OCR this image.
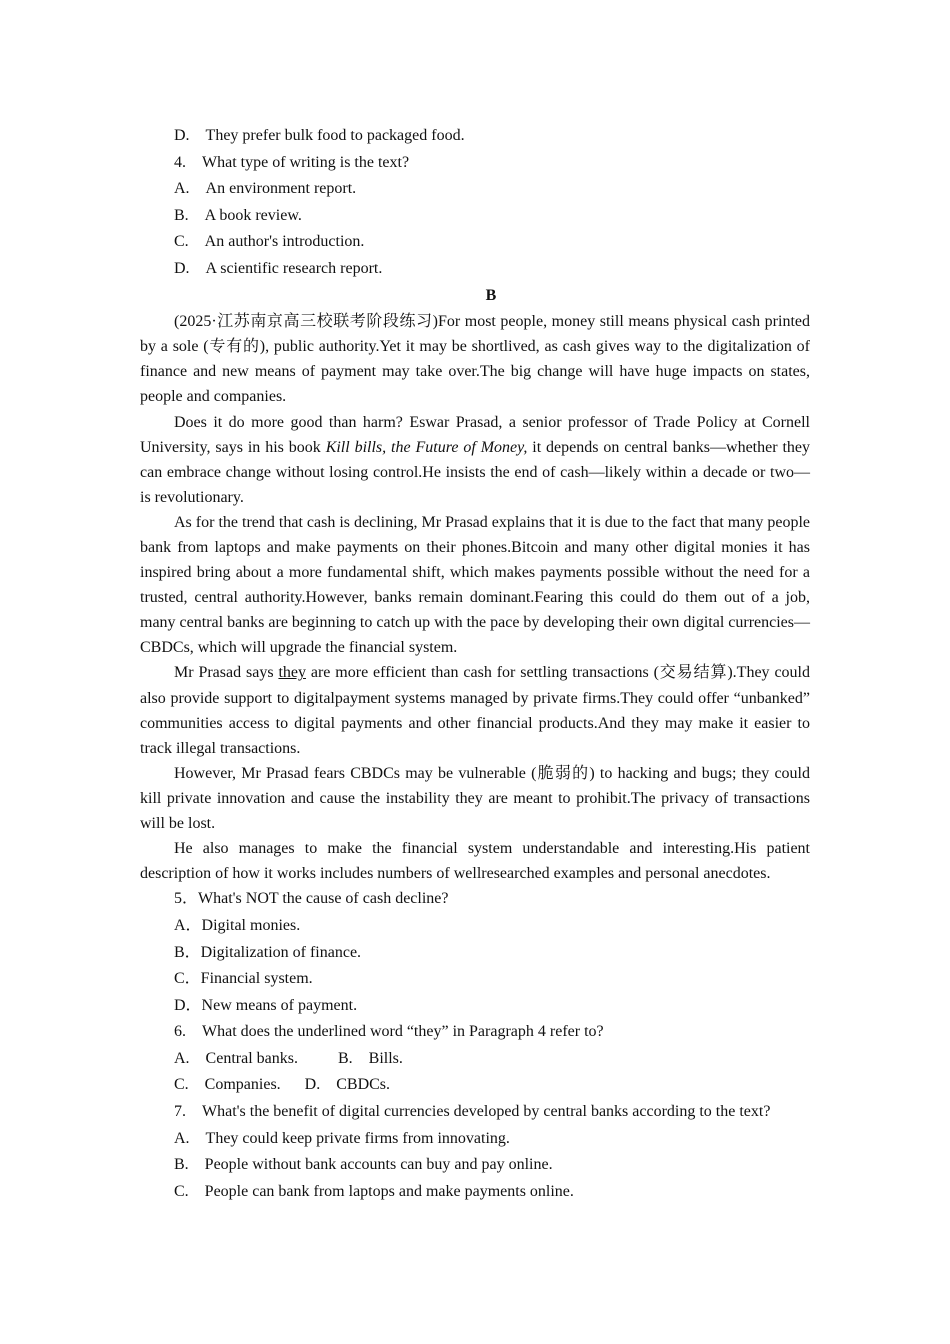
D.　They prefer bulk food to packaged food.

4.　What type of writing is the text?

A.　An environment report.

B.　A book review.

C.　An author's introduction.

D.　A scientific research report.

B

(2025·江苏南京高三校联考阶段练习)For most people, money still means physical cash printed by a sole (专有的), public authority.Yet it may be shortlived, as cash gives way to the digitalization of finance and new means of payment may take over.The big change will have huge impacts on states, people and companies.

Does it do more good than harm? Eswar Prasad, a senior professor of Trade Policy at Cornell University, says in his book Kill bills, the Future of Money, it depends on central banks—whether they can embrace change without losing control.He insists the end of cash—likely within a decade or two—is revolutionary.

As for the trend that cash is declining, Mr Prasad explains that it is due to the fact that many people bank from laptops and make payments on their phones.Bitcoin and many other digital monies it has inspired bring about a more fundamental shift, which makes payments possible without the need for a trusted, central authority.However, banks remain dominant.Fearing this could do them out of a job, many central banks are beginning to catch up with the pace by developing their own digital currencies—CBDCs, which will upgrade the financial system.

Mr Prasad says they are more efficient than cash for settling transactions (交易结算).They could also provide support to digitalpayment systems managed by private firms.They could offer “unbanked” communities access to digital payments and other financial products.And they may make it easier to track illegal transactions.

However, Mr Prasad fears CBDCs may be vulnerable (脆弱的) to hacking and bugs; they could kill private innovation and cause the instability they are meant to prohibit.The privacy of transactions will be lost.

He also manages to make the financial system understandable and interesting.His patient description of how it works includes numbers of wellresearched examples and personal anecdotes.

5．What's NOT the cause of cash decline?

A．Digital monies.

B．Digitalization of finance.

C．Financial system.

D．New means of payment.

6.　What does the underlined word “they” in Paragraph 4 refer to?

A.　Central banks.	B.　Bills.

C.　Companies. D.　CBDCs.

7.　What's the benefit of digital currencies developed by central banks according to the text?

A.　They could keep private firms from innovating.

B.　People without bank accounts can buy and pay online.

C.　People can bank from laptops and make payments online.
